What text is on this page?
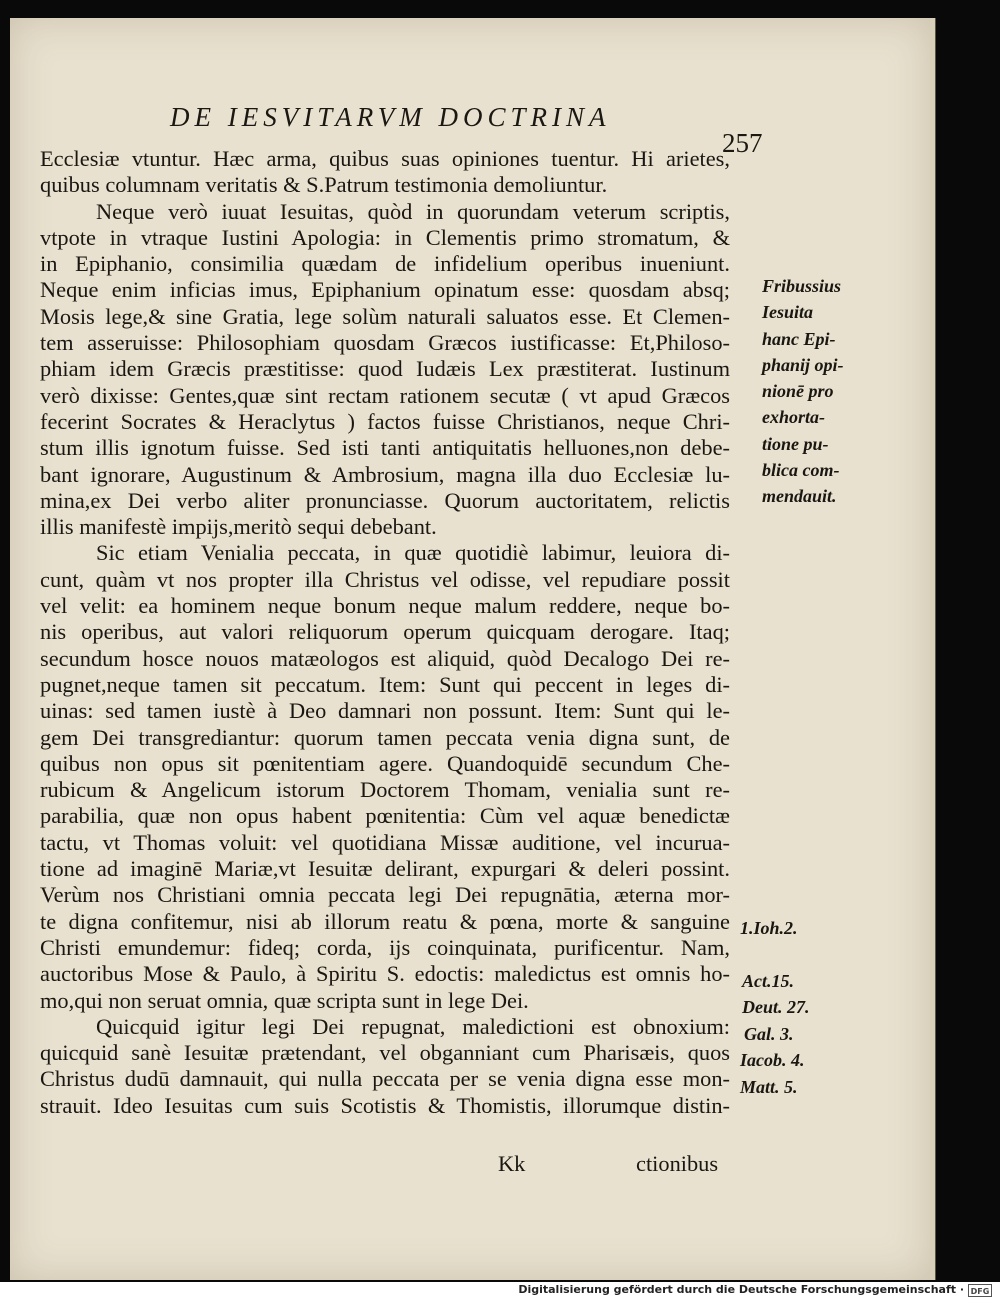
DE IESVITARVM DOCTRINA
257
Ecclesiæ vtuntur. Hæc arma, quibus suas opiniones tuentur. Hi arietes,
quibus columnam veritatis & S.Patrum testimonia demoliuntur.
Neque verò iuuat Iesuitas, quòd in quorundam veterum scriptis,
vtpote in vtraque Iustini Apologia: in Clementis primo stromatum, &
in Epiphanio, consimilia quædam de infidelium operibus inueniunt.
Neque enim inficias imus, Epiphanium opinatum esse: quosdam absq;
Mosis lege,& sine Gratia, lege solùm naturali saluatos esse. Et Clemen-
tem asseruisse: Philosophiam quosdam Græcos iustificasse: Et,Philoso-
phiam idem Græcis præstitisse: quod Iudæis Lex præstiterat. Iustinum
verò dixisse: Gentes,quæ sint rectam rationem secutæ ( vt apud Græcos
fecerint Socrates & Heraclytus ) factos fuisse Christianos, neque Chri-
stum illis ignotum fuisse. Sed isti tanti antiquitatis helluones,non debe-
bant ignorare, Augustinum & Ambrosium, magna illa duo Ecclesiæ lu-
mina,ex Dei verbo aliter pronunciasse. Quorum auctoritatem, relictis
illis manifestè impijs,meritò sequi debebant.
Sic etiam Venialia peccata, in quæ quotidiè labimur, leuiora di-
cunt, quàm vt nos propter illa Christus vel odisse, vel repudiare possit
vel velit: ea hominem neque bonum neque malum reddere, neque bo-
nis operibus, aut valori reliquorum operum quicquam derogare. Itaq;
secundum hosce nouos matæologos est aliquid, quòd Decalogo Dei re-
pugnet,neque tamen sit peccatum. Item: Sunt qui peccent in leges di-
uinas: sed tamen iustè à Deo damnari non possunt. Item: Sunt qui le-
gem Dei transgrediantur: quorum tamen peccata venia digna sunt, de
quibus non opus sit pœnitentiam agere. Quandoquidē secundum Che-
rubicum & Angelicum istorum Doctorem Thomam, venialia sunt re-
parabilia, quæ non opus habent pœnitentia: Cùm vel aquæ benedictæ
tactu, vt Thomas voluit: vel quotidiana Missæ auditione, vel incurua-
tione ad imaginē Mariæ,vt Iesuitæ delirant, expurgari & deleri possint.
Verùm nos Christiani omnia peccata legi Dei repugnātia, æterna mor-
te digna confitemur, nisi ab illorum reatu & pœna, morte & sanguine
Christi emundemur: fideq; corda, ijs coinquinata, purificentur. Nam,
auctoribus Mose & Paulo, à Spiritu S. edoctis: maledictus est omnis ho-
mo,qui non seruat omnia, quæ scripta sunt in lege Dei.
Quicquid igitur legi Dei repugnat, maledictioni est obnoxium:
quicquid sanè Iesuitæ prætendant, vel obganniant cum Pharisæis, quos
Christus dudū damnauit, qui nulla peccata per se venia digna esse mon-
strauit. Ideo Iesuitas cum suis Scotistis & Thomistis, illorumque distin-
Fribussius
Iesuita
hanc Epi-
phanij opi-
nionē pro
exhorta-
tione pu-
blica com-
mendauit.
1.Ioh.2.
Act.15.
Deut. 27.
Gal. 3.
Iacob. 4.
Matt. 5.
Kk	ctionibus
Digitalisierung gefördert durch die Deutsche Forschungsgemeinschaft · DFG
